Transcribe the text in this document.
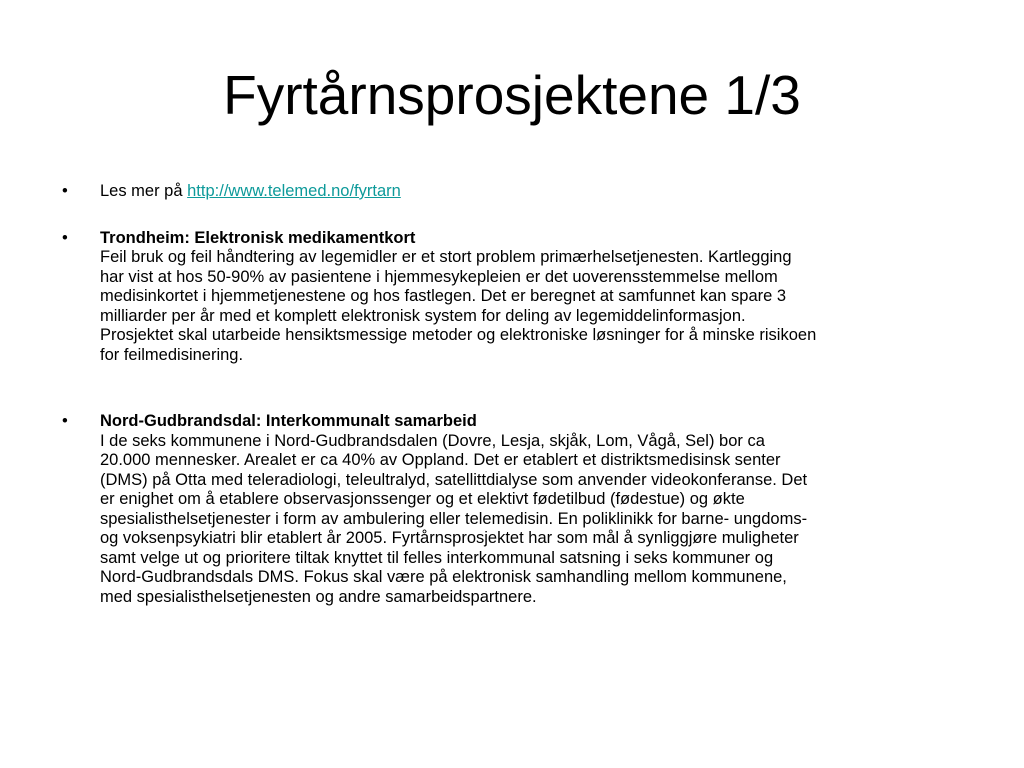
Fyrtårnsprosjektene 1/3
• Les mer på http://www.telemed.no/fyrtarn
• Trondheim: Elektronisk medikamentkort
Feil bruk og feil håndtering av legemidler er et stort problem primærhelsetjenesten. Kartlegging
har vist at hos 50-90% av pasientene i hjemmesykepleien er det uoverensstemmelse mellom
medisinkortet i hjemmetjenestene og hos fastlegen. Det er beregnet at samfunnet kan spare 3
milliarder per år med et komplett elektronisk system for deling av legemiddelinformasjon.
Prosjektet skal utarbeide hensiktsmessige metoder og elektroniske løsninger for å minske risikoen
for feilmedisinering.
• Nord-Gudbrandsdal: Interkommunalt samarbeid
I de seks kommunene i Nord-Gudbrandsdalen (Dovre, Lesja, skjåk, Lom, Vågå, Sel) bor ca
20.000 mennesker. Arealet er ca 40% av Oppland. Det er etablert et distriktsmedisinsk senter
(DMS) på Otta med teleradiologi, teleultralyd, satellittdialyse som anvender videokonferanse. Det
er enighet om å etablere observasjonssenger og et elektivt fødetilbud (fødestue) og økte
spesialisthelsetjenester i form av ambulering eller telemedisin. En poliklinikk for barne- ungdoms-
og voksenpsykiatri blir etablert år 2005. Fyrtårnsprosjektet har som mål å synliggjøre muligheter
samt velge ut og prioritere tiltak knyttet til felles interkommunal satsning i seks kommuner og
Nord-Gudbrandsdals DMS. Fokus skal være på elektronisk samhandling mellom kommunene,
med spesialisthelsetjenesten og andre samarbeidspartnere.
